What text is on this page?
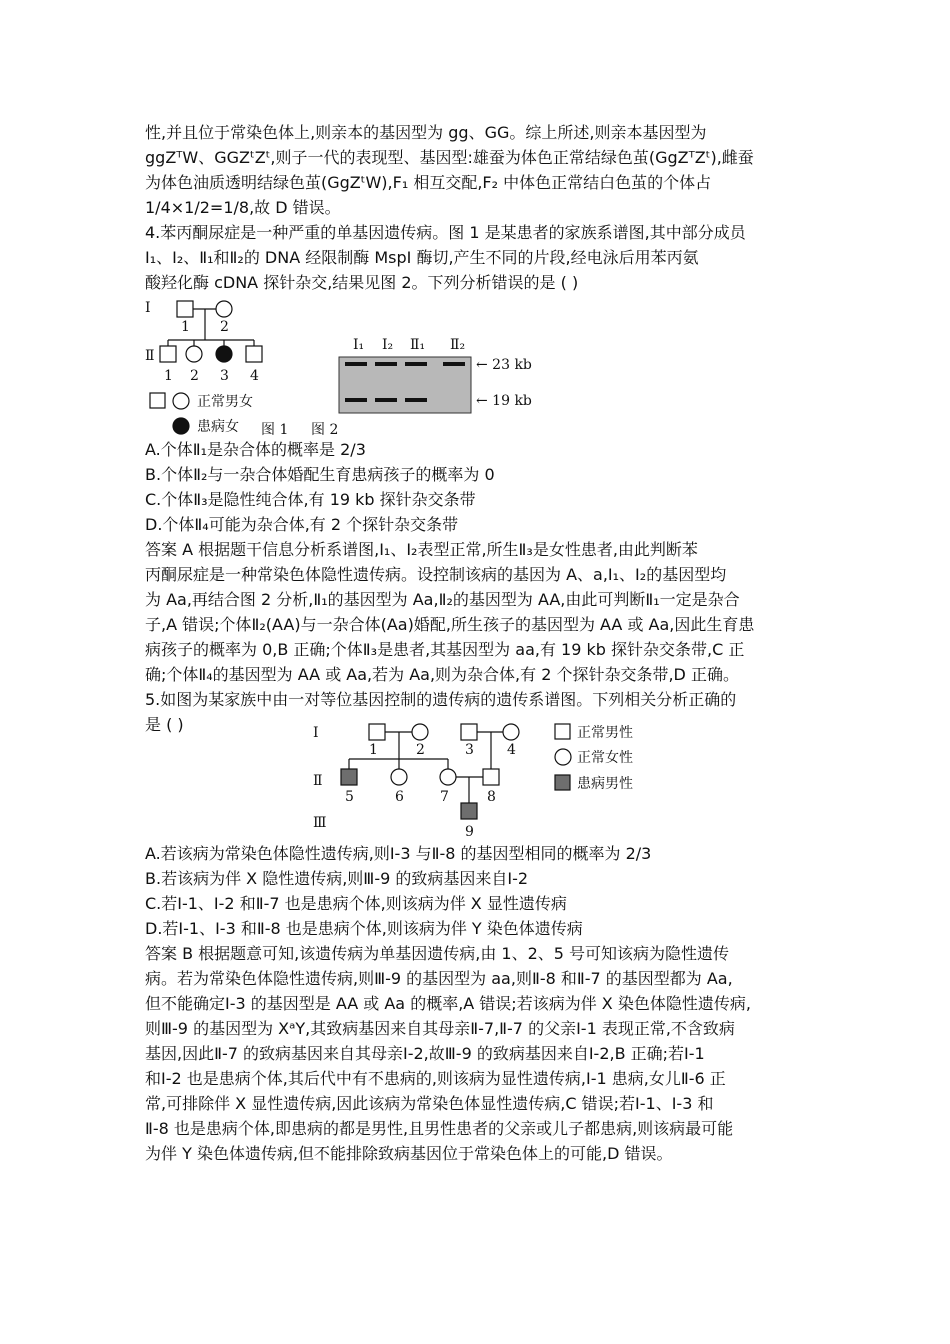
性,并且位于常染色体上,则亲本的基因型为 gg、GG。综上所述,则亲本基因型为

ggZᵀW、GGZᵗZᵗ,则子一代的表现型、基因型:雄蚕为体色正常结绿色茧(GgZᵀZᵗ),雌蚕

为体色油质透明结绿色茧(GgZᵗW),F₁ 相互交配,F₂ 中体色正常结白色茧的个体占

1/4×1/2=1/8,故 D 错误。

4.苯丙酮尿症是一种严重的单基因遗传病。图 1 是某患者的家族系谱图,其中部分成员

Ⅰ₁、Ⅰ₂、Ⅱ₁和Ⅱ₂的 DNA 经限制酶 MspI 酶切,产生不同的片段,经电泳后用苯丙氨

酸羟化酶 cDNA 探针杂交,结果见图 2。下列分析错误的是 ( )

Ⅰ
1 2
Ⅱ
1 2 3 4
正常男女
患病女 图 1 图 2
Ⅰ₁ Ⅰ₂ Ⅱ₁ Ⅱ₂
← 23 kb
← 19 kb

A.个体Ⅱ₁是杂合体的概率是 2/3

B.个体Ⅱ₂与一杂合体婚配生育患病孩子的概率为 0

C.个体Ⅱ₃是隐性纯合体,有 19 kb 探针杂交条带

D.个体Ⅱ₄可能为杂合体,有 2 个探针杂交条带

答案 A 根据题干信息分析系谱图,Ⅰ₁、Ⅰ₂表型正常,所生Ⅱ₃是女性患者,由此判断苯

丙酮尿症是一种常染色体隐性遗传病。设控制该病的基因为 A、a,Ⅰ₁、Ⅰ₂的基因型均

为 Aa,再结合图 2 分析,Ⅱ₁的基因型为 Aa,Ⅱ₂的基因型为 AA,由此可判断Ⅱ₁一定是杂合

子,A 错误;个体Ⅱ₂(AA)与一杂合体(Aa)婚配,所生孩子的基因型为 AA 或 Aa,因此生育患

病孩子的概率为 0,B 正确;个体Ⅱ₃是患者,其基因型为 aa,有 19 kb 探针杂交条带,C 正

确;个体Ⅱ₄的基因型为 AA 或 Aa,若为 Aa,则为杂合体,有 2 个探针杂交条带,D 正确。

5.如图为某家族中由一对等位基因控制的遗传病的遗传系谱图。下列相关分析正确的

是 ( )	Ⅰ
Ⅱ
Ⅲ
1	2	3 4
5	6	7	8
9
正常男性
正常女性
患病男性

A.若该病为常染色体隐性遗传病,则Ⅰ-3 与Ⅱ-8 的基因型相同的概率为 2/3

B.若该病为伴 X 隐性遗传病,则Ⅲ-9 的致病基因来自Ⅰ-2

C.若Ⅰ-1、Ⅰ-2 和Ⅱ-7 也是患病个体,则该病为伴 X 显性遗传病

D.若Ⅰ-1、Ⅰ-3 和Ⅱ-8 也是患病个体,则该病为伴 Y 染色体遗传病

答案 B 根据题意可知,该遗传病为单基因遗传病,由 1、2、5 号可知该病为隐性遗传

病。若为常染色体隐性遗传病,则Ⅲ-9 的基因型为 aa,则Ⅱ-8 和Ⅱ-7 的基因型都为 Aa,

但不能确定Ⅰ-3 的基因型是 AA 或 Aa 的概率,A 错误;若该病为伴 X 染色体隐性遗传病,

则Ⅲ-9 的基因型为 XᵃY,其致病基因来自其母亲Ⅱ-7,Ⅱ-7 的父亲Ⅰ-1 表现正常,不含致病

基因,因此Ⅱ-7 的致病基因来自其母亲Ⅰ-2,故Ⅲ-9 的致病基因来自Ⅰ-2,B 正确;若Ⅰ-1

和Ⅰ-2 也是患病个体,其后代中有不患病的,则该病为显性遗传病,Ⅰ-1 患病,女儿Ⅱ-6 正

常,可排除伴 X 显性遗传病,因此该病为常染色体显性遗传病,C 错误;若Ⅰ-1、Ⅰ-3 和

Ⅱ-8 也是患病个体,即患病的都是男性,且男性患者的父亲或儿子都患病,则该病最可能

为伴 Y 染色体遗传病,但不能排除致病基因位于常染色体上的可能,D 错误。
